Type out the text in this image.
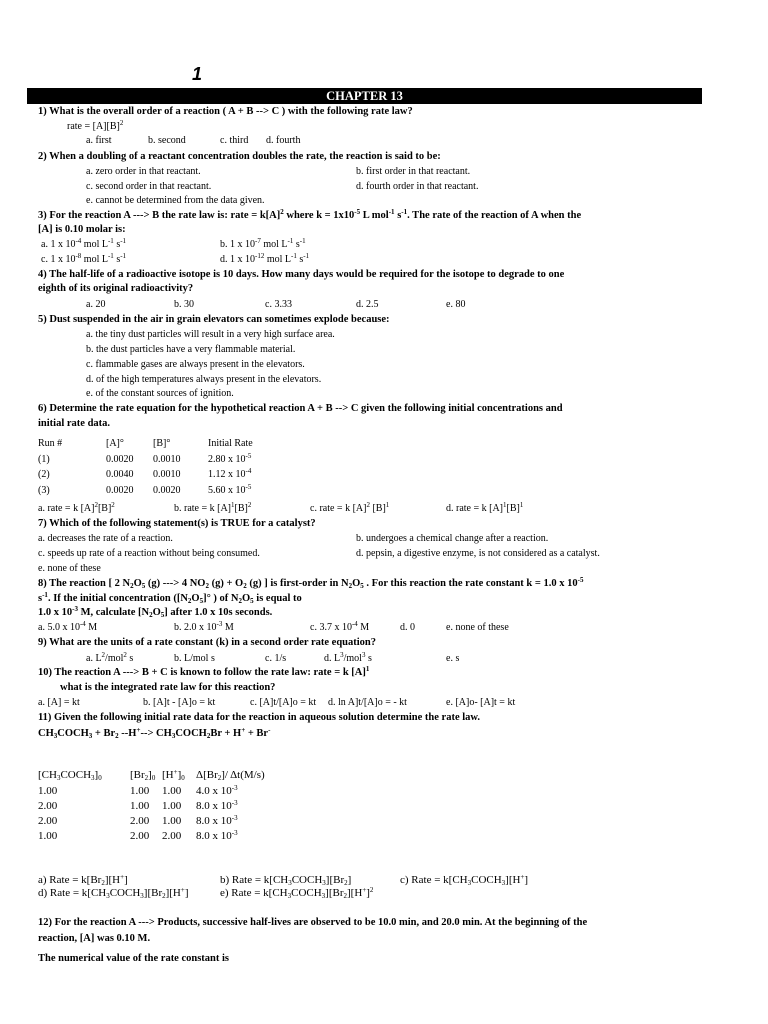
1
CHAPTER 13
1) What is the overall order of a reaction ( A + B --> C ) with the following rate law?
rate = $[A][B]^2$
a. first	b. second	c. third d. fourth
2) When a doubling of a reactant concentration doubles the rate, the reaction is said to be:
a. zero order in that reactant.	b. first order in that reactant.
c. second order in that reactant.	d. fourth order in that reactant.
e. cannot be determined from the data given.
3) For the reaction A ---> B the rate law is: rate = $k[A]^2$ where $k = 1x10^{-5}$ L mol$^{-1}$ $s^{-1}$. The rate of the reaction of A when the
[A] is 0.10 molar is:
a. 1 x $10^{-4}$ mol $L^{-1}$ $s^{-1}$	b. 1 x $10^{-7}$ mol $L^{-1}$ $s^{-1}$
c. 1 x $10^{-8}$ mol $L^{-1}$ $s^{-1}$	d. 1 x $10^{-12}$ mol $L^{-1}$ $s^{-1}$
4) The half-life of a radioactive isotope is 10 days. How many days would be required for the isotope to degrade to one
eighth of its original radioactivity?
a. 20	b. 30	c. 3.33	d. 2.5	e. 80
5) Dust suspended in the air in grain elevators can sometimes explode because:
a. the tiny dust particles will result in a very high surface area.
b. the dust particles have a very flammable material.
c. flammable gases are always present in the elevators.
d. of the high temperatures always present in the elevators.
e. of the constant sources of ignition.
6) Determine the rate equation for the hypothetical reaction A + B --> C given the following initial concentrations and
initial rate data.
Run #	[A]°	[B]°	Initial Rate
(1)	0.0020 0.0010	2.80 x $10^{-5}$
(2)	0.0040 0.0010	1.12 x $10^{-4}$
(3)	0.0020 0.0020	5.60 x $10^{-5}$
a. rate = k $[A]^2[B]^2$	b. rate = k $[A]^1[B]^2$	c. rate = k $[A]^2$ $[B]^1$	d. rate = k $[A]^1[B]^1$
7) Which of the following statement(s) is TRUE for a catalyst?
a. decreases the rate of a reaction.	b. undergoes a chemical change after a reaction.
c. speeds up rate of a reaction without being consumed.	d. pepsin, a digestive enzyme, is not considered as a catalyst.
e. none of these
8) The reaction [ 2 $N_2O_5$ (g) ---> 4 $NO_2$ $(g) + O_2$ (g) ] is first-order in $N_2O_5$ . For this reaction the rate constant k = 1.0 x $10^{-5}$
$s^{-1}$. If the initial concentration ($[N_2O_5]^\circ$ ) of $N_2O_5$ is equal to
1.0 x $10^{-3}$ M, calculate $[N_2O_5]$ after 1.0 x 10s seconds.
a. 5.0 x $10^{-4}$ M	b. 2.0 x $10^{-3}$ M	c. 3.7 x $10^{-4}$ M	d. 0	e. none of these
9) What are the units of a rate constant (k) in a second order rate equation?
a. $L^2/mol^2$ s	b. L/mol s	c. 1/s	d. $L^3/mol^3$ s	e. s
10) The reaction A ---> B + C is known to follow the rate law: rate = k $[A]^1$
what is the integrated rate law for this reaction?
a. [A] = kt	b. [A]t - [A]o = kt	c. [A]t/[A]o = kt d. ln A]t/[A]o = - kt	e. [A]o- [A]t = kt
11) Given the following initial rate data for the reaction in aqueous solution determine the rate law.
$CH_3COCH_3 + Br_2$ $--H^+--> CH_3COCH_2Br + H^+ + Br^-$
$[CH_3COCH_3]_0$	$[Br_2]_0$ $[H^+]_0$ $\Delta[Br_2]/$ Δt(M/s)
1.00	1.00 1.00 4.0 x $10^{-3}$
2.00	1.00 1.00 8.0 x $10^{-3}$
2.00	2.00 1.00 8.0 x $10^{-3}$
1.00	2.00 2.00 8.0 x $10^{-3}$
a) Rate = $k[Br_2][H^+]$	b) Rate = $k[CH_3COCH_3][Br_2]$	c) Rate = $k[CH_3COCH_3][H^+]$
d) Rate = $k[CH_3COCH_3][Br_2][H^+]$	e) Rate = $k[CH_3COCH_3][Br_2][H^+]^2$
12) For the reaction A ---> Products, successive half-lives are observed to be 10.0 min, and 20.0 min. At the beginning of the
reaction, [A] was 0.10 M.
The numerical value of the rate constant is
